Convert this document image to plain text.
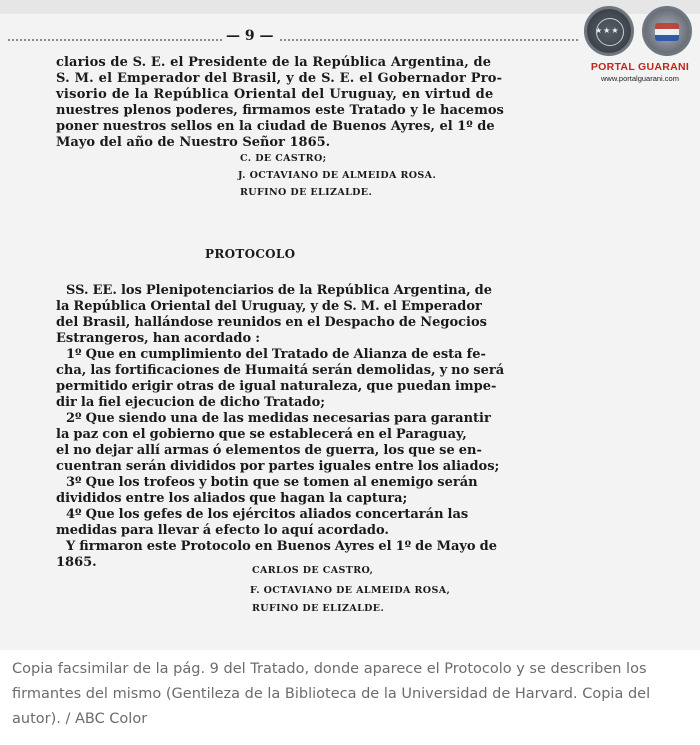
— 9 —
clarios de S. E. el Presidente de la República Argentina, de
S. M. el Emperador del Brasil, y de S. E. el Gobernador Pro-
visorio de la República Oriental del Uruguay, en virtud de
nuestres plenos poderes, firmamos este Tratado y le hacemos
poner nuestros sellos en la ciudad de Buenos Ayres, el 1º de
Mayo del año de Nuestro Señor 1865.
C. DE CASTRO;
J. OCTAVIANO DE ALMEIDA ROSA.
RUFINO DE ELIZALDE.
PROTOCOLO
SS. EE. los Plenipotenciarios de la República Argentina, de
la República Oriental del Uruguay, y de S. M. el Emperador
del Brasil, hallándose reunidos en el Despacho de Negocios
Estrangeros, han acordado :
1º Que en cumplimiento del Tratado de Alianza de esta fe-
cha, las fortificaciones de Humaitá serán demolidas, y no será
permitido erigir otras de igual naturaleza, que puedan impe-
dir la fiel ejecucion de dicho Tratado;
2º Que siendo una de las medidas necesarias para garantir
la paz con el gobierno que se establecerá en el Paraguay,
el no dejar allí armas ó elementos de guerra, los que se en-
cuentran serán divididos por partes iguales entre los aliados;
3º Que los trofeos y botin que se tomen al enemigo serán
divididos entre los aliados que hagan la captura;
4º Que los gefes de los ejércitos aliados concertarán las
medidas para llevar á efecto lo aquí acordado.
Y firmaron este Protocolo en Buenos Ayres el 1º de Mayo de
1865.
CARLOS DE CASTRO,
F. OCTAVIANO DE ALMEIDA ROSA,
RUFINO DE ELIZALDE.
★★★
PORTAL GUARANI
www.portalguarani.com
Copia facsimilar de la pág. 9 del Tratado, donde aparece el Protocolo y se describen los firmantes del mismo (Gentileza de la Biblioteca de la Universidad de Harvard. Copia del autor). / ABC Color
